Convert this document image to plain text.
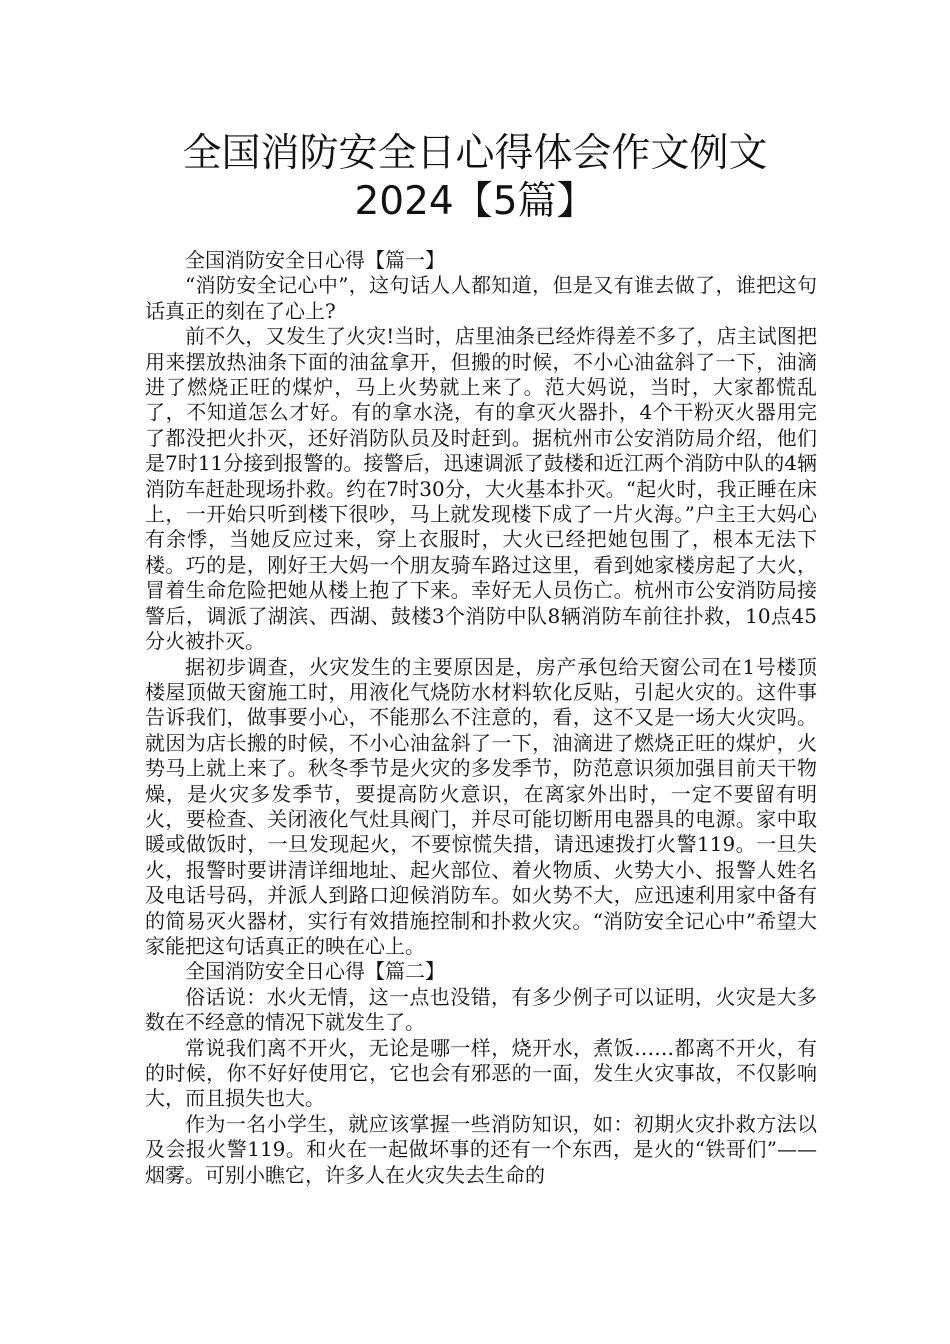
全国消防安全日心得体会作文例文
2024【5篇】

全国消防安全日心得【篇一】

“消防安全记心中”，这句话人人都知道，但是又有谁去做了，谁把这句话真正的刻在了心上?

前不久，又发生了火灾!当时，店里油条已经炸得差不多了，店主试图把用来摆放热油条下面的油盆拿开，但搬的时候，不小心油盆斜了一下，油滴进了燃烧正旺的煤炉，马上火势就上来了。范大妈说，当时，大家都慌乱了，不知道怎么才好。有的拿水浇，有的拿灭火器扑，4个干粉灭火器用完了都没把火扑灭，还好消防队员及时赶到。据杭州市公安消防局介绍，他们是7时11分接到报警的。接警后，迅速调派了鼓楼和近江两个消防中队的4辆消防车赶赴现场扑救。约在7时30分，大火基本扑灭。“起火时，我正睡在床上，一开始只听到楼下很吵，马上就发现楼下成了一片火海。”户主王大妈心有余悸，当她反应过来，穿上衣服时，大火已经把她包围了，根本无法下楼。巧的是，刚好王大妈一个朋友骑车路过这里，看到她家楼房起了大火，冒着生命危险把她从楼上抱了下来。幸好无人员伤亡。杭州市公安消防局接警后，调派了湖滨、西湖、鼓楼3个消防中队8辆消防车前往扑救，10点45分火被扑灭。

据初步调查，火灾发生的主要原因是，房产承包给天窗公司在1号楼顶楼屋顶做天窗施工时，用液化气烧防水材料软化反贴，引起火灾的。这件事告诉我们，做事要小心，不能那么不注意的，看，这不又是一场大火灾吗。就因为店长搬的时候，不小心油盆斜了一下，油滴进了燃烧正旺的煤炉，火势马上就上来了。秋冬季节是火灾的多发季节，防范意识须加强目前天干物燥，是火灾多发季节，要提高防火意识，在离家外出时，一定不要留有明火，要检查、关闭液化气灶具阀门，并尽可能切断用电器具的电源。家中取暖或做饭时，一旦发现起火，不要惊慌失措，请迅速拨打火警119。一旦失火，报警时要讲清详细地址、起火部位、着火物质、火势大小、报警人姓名及电话号码，并派人到路口迎候消防车。如火势不大，应迅速利用家中备有的简易灭火器材，实行有效措施控制和扑救火灾。“消防安全记心中”希望大家能把这句话真正的映在心上。

全国消防安全日心得【篇二】

俗话说：水火无情，这一点也没错，有多少例子可以证明，火灾是大多数在不经意的情况下就发生了。

常说我们离不开火，无论是哪一样，烧开水，煮饭……都离不开火，有的时候，你不好好使用它，它也会有邪恶的一面，发生火灾事故，不仅影响大，而且损失也大。

作为一名小学生，就应该掌握一些消防知识，如：初期火灾扑救方法以及会报火警119。和火在一起做坏事的还有一个东西，是火的“铁哥们”——烟雾。可别小瞧它，许多人在火灾失去生命的
